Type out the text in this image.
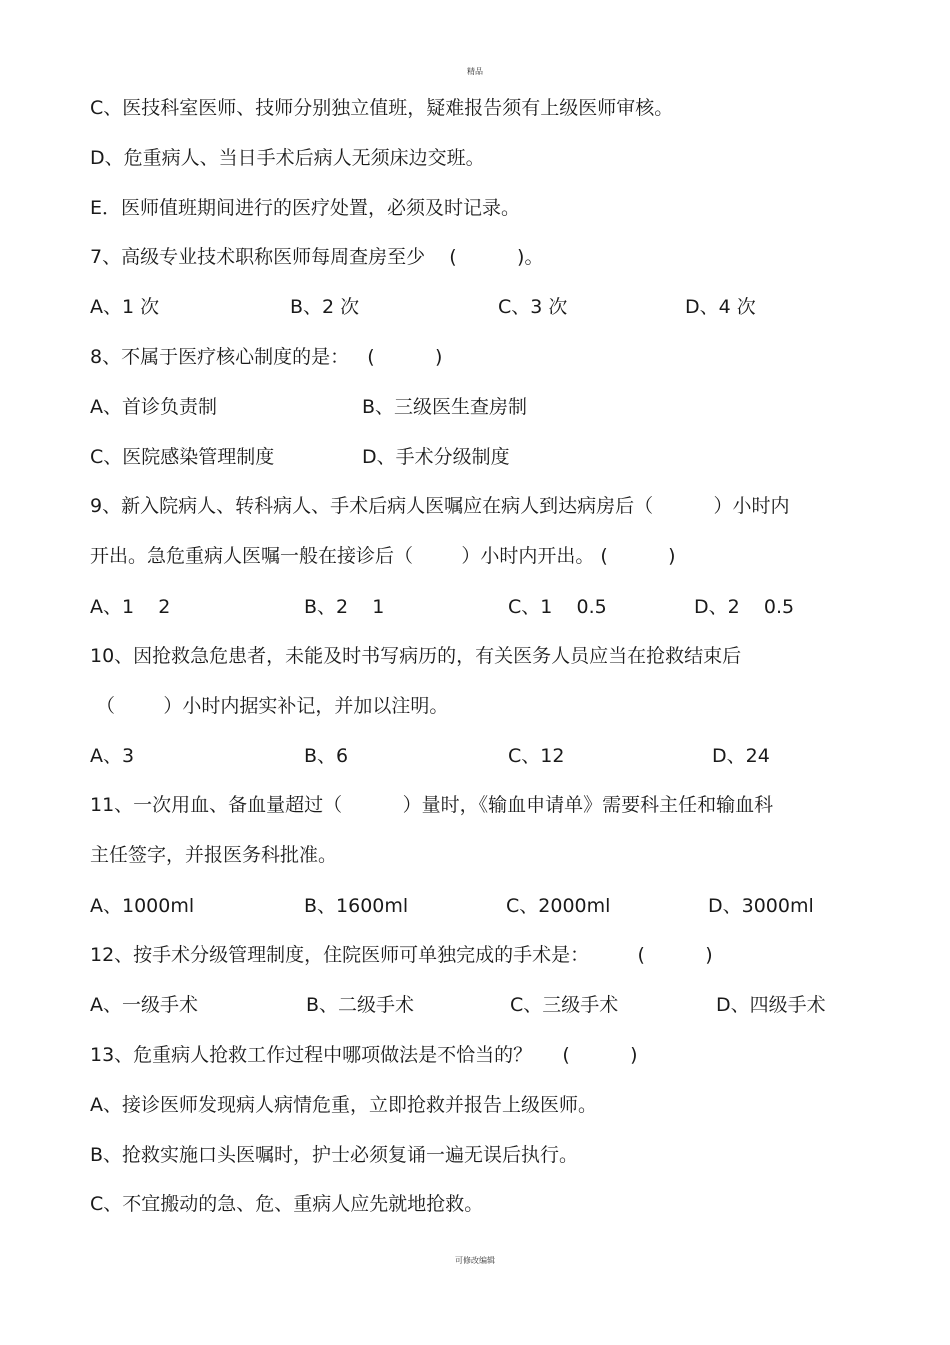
精品
C、医技科室医师、技师分别独立值班，疑难报告须有上级医师审核。
D、危重病人、当日手术后病人无须床边交班。
E．医师值班期间进行的医疗处置，必须及时记录。
7、高级专业技术职称医师每周查房至少    (          )。
A、1 次	B、2 次	C、3 次	D、4 次
8、不属于医疗核心制度的是：   (          )
A、首诊负责制	B、三级医生查房制
C、医院感染管理制度	D、手术分级制度
9、新入院病人、转科病人、手术后病人医嘱应在病人到达病房后（          ）小时内
开出。急危重病人医嘱一般在接诊后（        ）小时内开出。 (          )
A、1    2	B、2    1	C、1    0.5	D、2    0.5
10、因抢救急危患者，未能及时书写病历的，有关医务人员应当在抢救结束后
（        ）小时内据实补记，并加以注明。
A、3	B、6	C、12	D、24
11、一次用血、备血量超过（          ）量时，《输血申请单》需要科主任和输血科
主任签字，并报医务科批准。
A、1000ml	B、1600ml	C、2000ml	D、3000ml
12、按手术分级管理制度，住院医师可单独完成的手术是：        (          )
A、一级手术	B、二级手术	C、三级手术	D、四级手术
13、危重病人抢救工作过程中哪项做法是不恰当的？     (          )
A、接诊医师发现病人病情危重，立即抢救并报告上级医师。
B、抢救实施口头医嘱时，护士必须复诵一遍无误后执行。
C、不宜搬动的急、危、重病人应先就地抢救。
可修改编辑
